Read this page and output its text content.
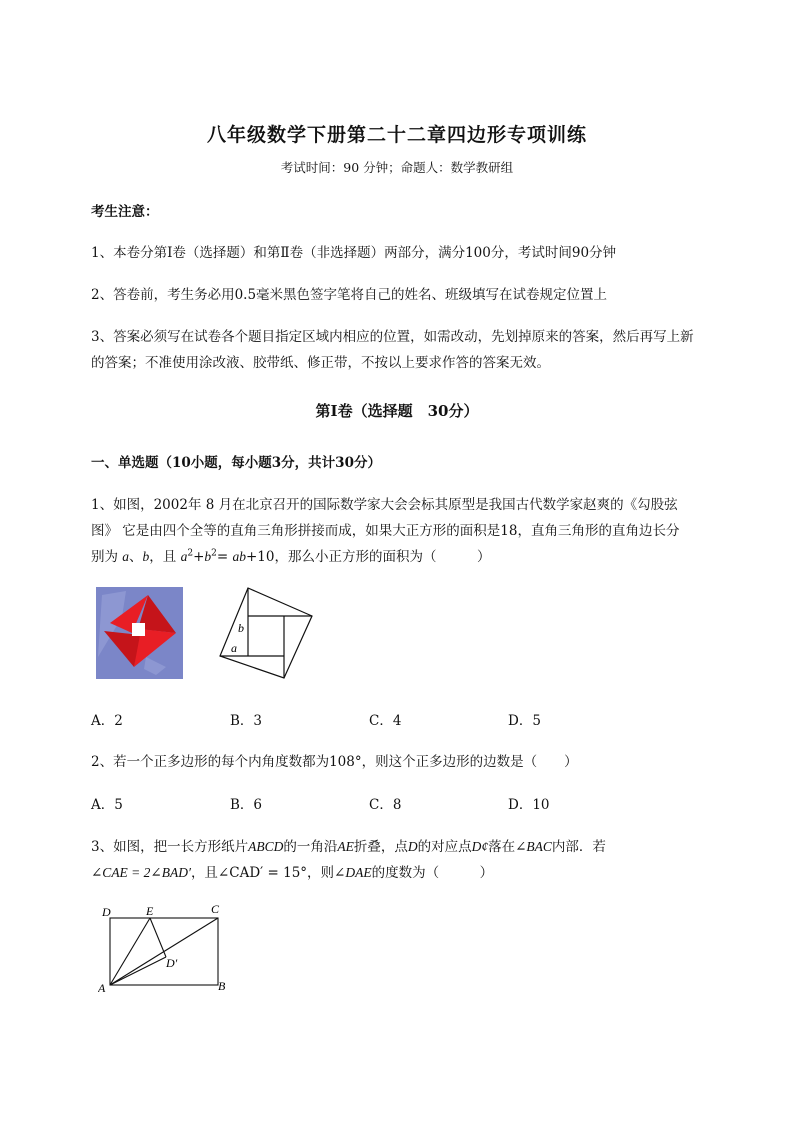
八年级数学下册第二十二章四边形专项训练
考试时间：90 分钟；命题人：数学教研组
考生注意：
1、本卷分第I卷（选择题）和第Ⅱ卷（非选择题）两部分，满分100分，考试时间90分钟
2、答卷前，考生务必用0.5毫米黑色签字笔将自己的姓名、班级填写在试卷规定位置上
3、答案必须写在试卷各个题目指定区域内相应的位置，如需改动，先划掉原来的答案，然后再写上新
的答案；不准使用涂改液、胶带纸、修正带，不按以上要求作答的答案无效。
第I卷（选择题　30分）
一、单选题（10小题，每小题3分，共计30分）
1、如图，2002年 8 月在北京召开的国际数学家大会会标其原型是我国古代数学家赵爽的《勾股弦
图》 它是由四个全等的直角三角形拼接而成，如果大正方形的面积是18，直角三角形的直角边长分
别为 a、b，且 $a^2+b^2= ab+10$，那么小正方形的面积为（　　　）
b
a
A．2	B．3	C．4	D．5
2、若一个正多边形的每个内角度数都为108°，则这个正多边形的边数是（　　）
A．5	B．6	C．8	D．10
3、如图，把一长方形纸片ABCD的一角沿AE折叠，点D的对应点D¢落在∠BAC内部．若
∠CAE = 2∠BAD′，且∠CAD′ = 15°，则∠DAE的度数为（　　　）
D	E	C
D′
A	B
